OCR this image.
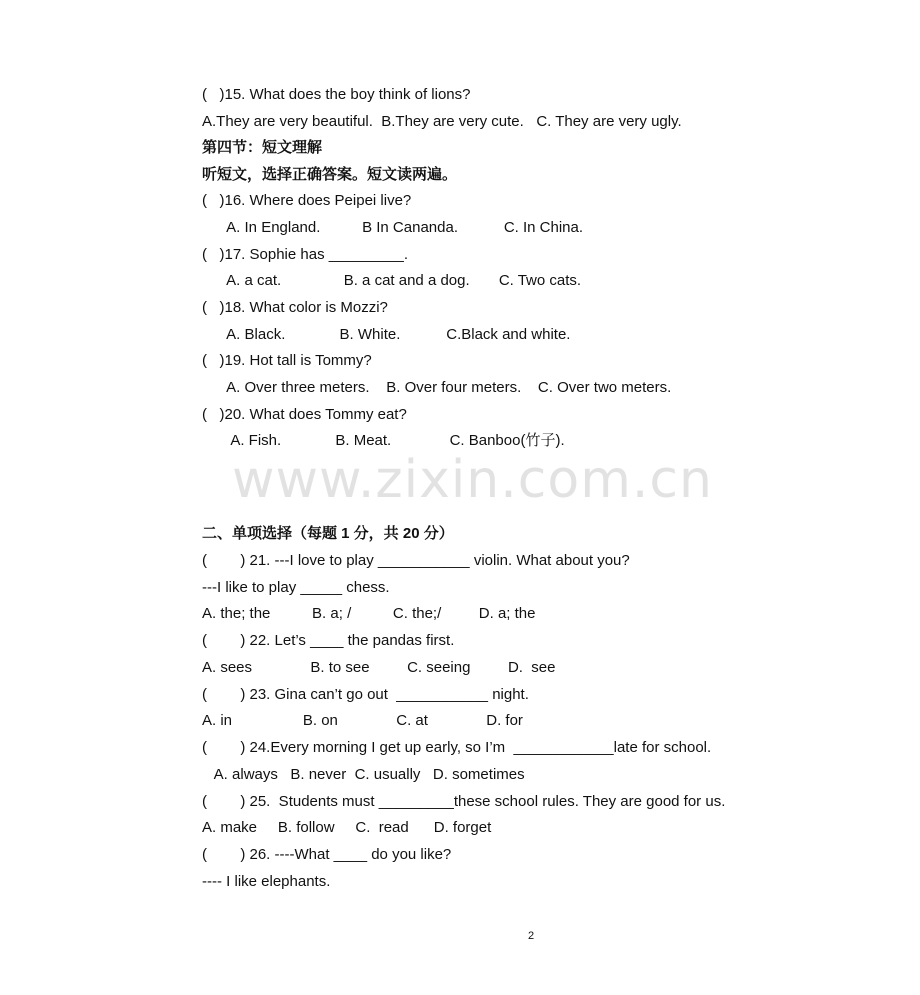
(   )15. What does the boy think of lions?
A.They are very beautiful.  B.They are very cute.   C. They are very ugly.
第四节：短文理解
听短文，选择正确答案。短文读两遍。
(   )16. Where does Peipei live?
A. In England.          B In Cananda.           C. In China.
(   )17. Sophie has _________.
A. a cat.               B. a cat and a dog.       C. Two cats.
(   )18. What color is Mozzi?
A. Black.             B. White.           C.Black and white.
(   )19. Hot tall is Tommy?
A. Over three meters.    B. Over four meters.    C. Over two meters.
(   )20. What does Tommy eat?
A. Fish.             B. Meat.              C. Banboo(竹子).
www.zixin.com.cn
二、单项选择（每题 1 分，共 20 分）
(        ) 21. ---I love to play ___________ violin. What about you?
---I like to play _____ chess.
A. the; the          B. a; /          C. the;/         D. a; the
(        ) 22. Let’s ____ the pandas first.
A. sees              B. to see         C. seeing         D.  see
(        ) 23. Gina can’t go out  ___________ night.
A. in                 B. on              C. at              D. for
(        ) 24.Every morning I get up early, so I’m  ____________late for school.
A. always   B. never  C. usually   D. sometimes
(        ) 25.  Students must _________these school rules. They are good for us.
A. make     B. follow     C.  read      D. forget
(        ) 26. ----What ____ do you like?
---- I like elephants.
2
